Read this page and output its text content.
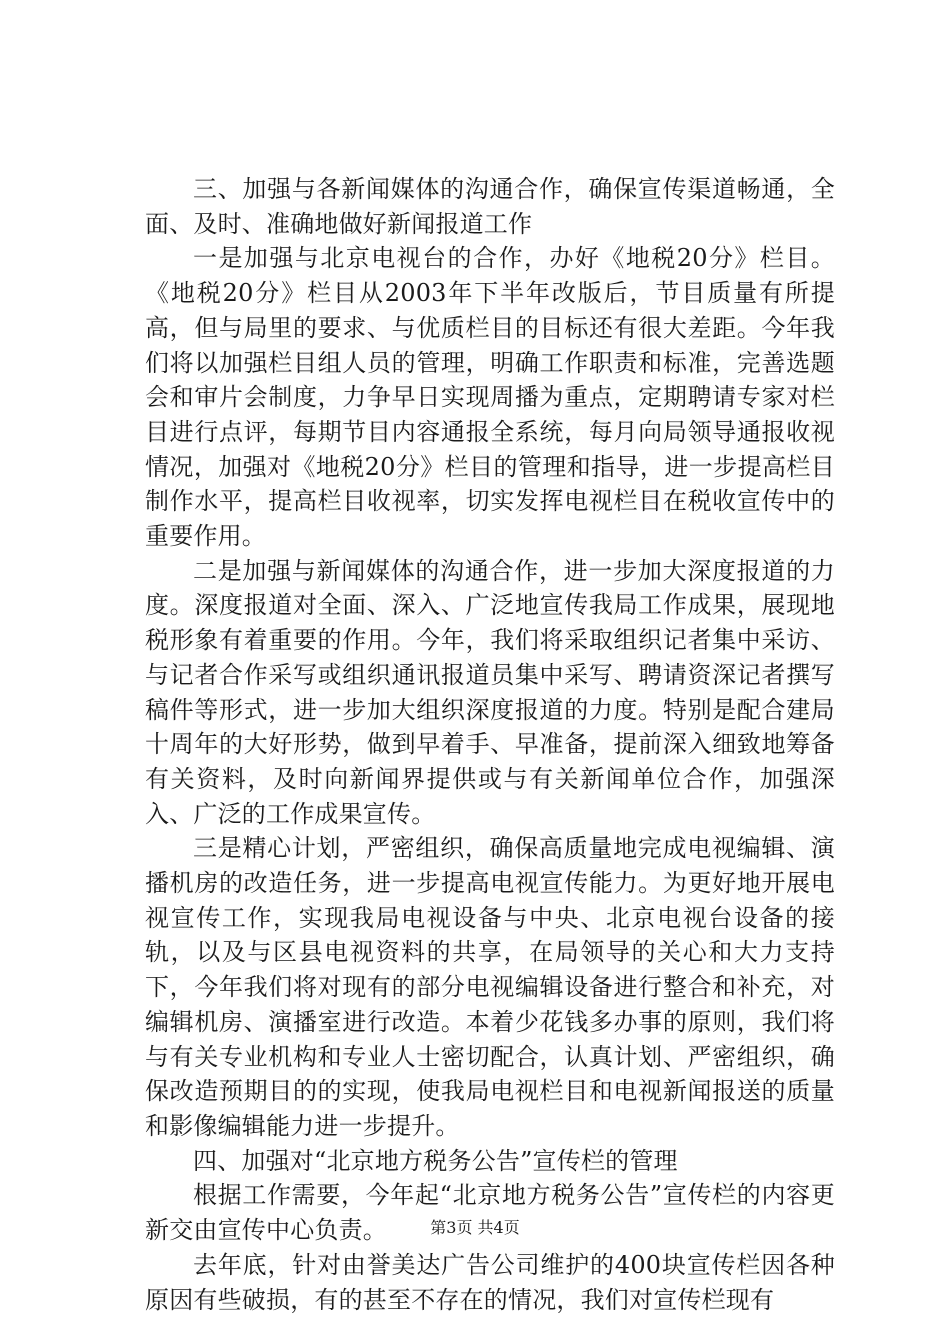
三、加强与各新闻媒体的沟通合作，确保宣传渠道畅通，全面、及时、准确地做好新闻报道工作

一是加强与北京电视台的合作，办好《地税20分》栏目。《地税20分》栏目从2003年下半年改版后，节目质量有所提高，但与局里的要求、与优质栏目的目标还有很大差距。今年我们将以加强栏目组人员的管理，明确工作职责和标准，完善选题会和审片会制度，力争早日实现周播为重点，定期聘请专家对栏目进行点评，每期节目内容通报全系统，每月向局领导通报收视情况，加强对《地税20分》栏目的管理和指导，进一步提高栏目制作水平，提高栏目收视率，切实发挥电视栏目在税收宣传中的重要作用。

二是加强与新闻媒体的沟通合作，进一步加大深度报道的力度。深度报道对全面、深入、广泛地宣传我局工作成果，展现地税形象有着重要的作用。今年，我们将采取组织记者集中采访、与记者合作采写或组织通讯报道员集中采写、聘请资深记者撰写稿件等形式，进一步加大组织深度报道的力度。特别是配合建局十周年的大好形势，做到早着手、早准备，提前深入细致地筹备有关资料，及时向新闻界提供或与有关新闻单位合作，加强深入、广泛的工作成果宣传。

三是精心计划，严密组织，确保高质量地完成电视编辑、演播机房的改造任务，进一步提高电视宣传能力。为更好地开展电视宣传工作，实现我局电视设备与中央、北京电视台设备的接轨，以及与区县电视资料的共享，在局领导的关心和大力支持下，今年我们将对现有的部分电视编辑设备进行整合和补充，对编辑机房、演播室进行改造。本着少花钱多办事的原则，我们将与有关专业机构和专业人士密切配合，认真计划、严密组织，确保改造预期目的的实现，使我局电视栏目和电视新闻报送的质量和影像编辑能力进一步提升。

四、加强对“北京地方税务公告”宣传栏的管理

根据工作需要，今年起“北京地方税务公告”宣传栏的内容更新交由宣传中心负责。

去年底，针对由誉美达广告公司维护的400块宣传栏因各种原因有些破损，有的甚至不存在的情况，我们对宣传栏现有

第3页 共4页
